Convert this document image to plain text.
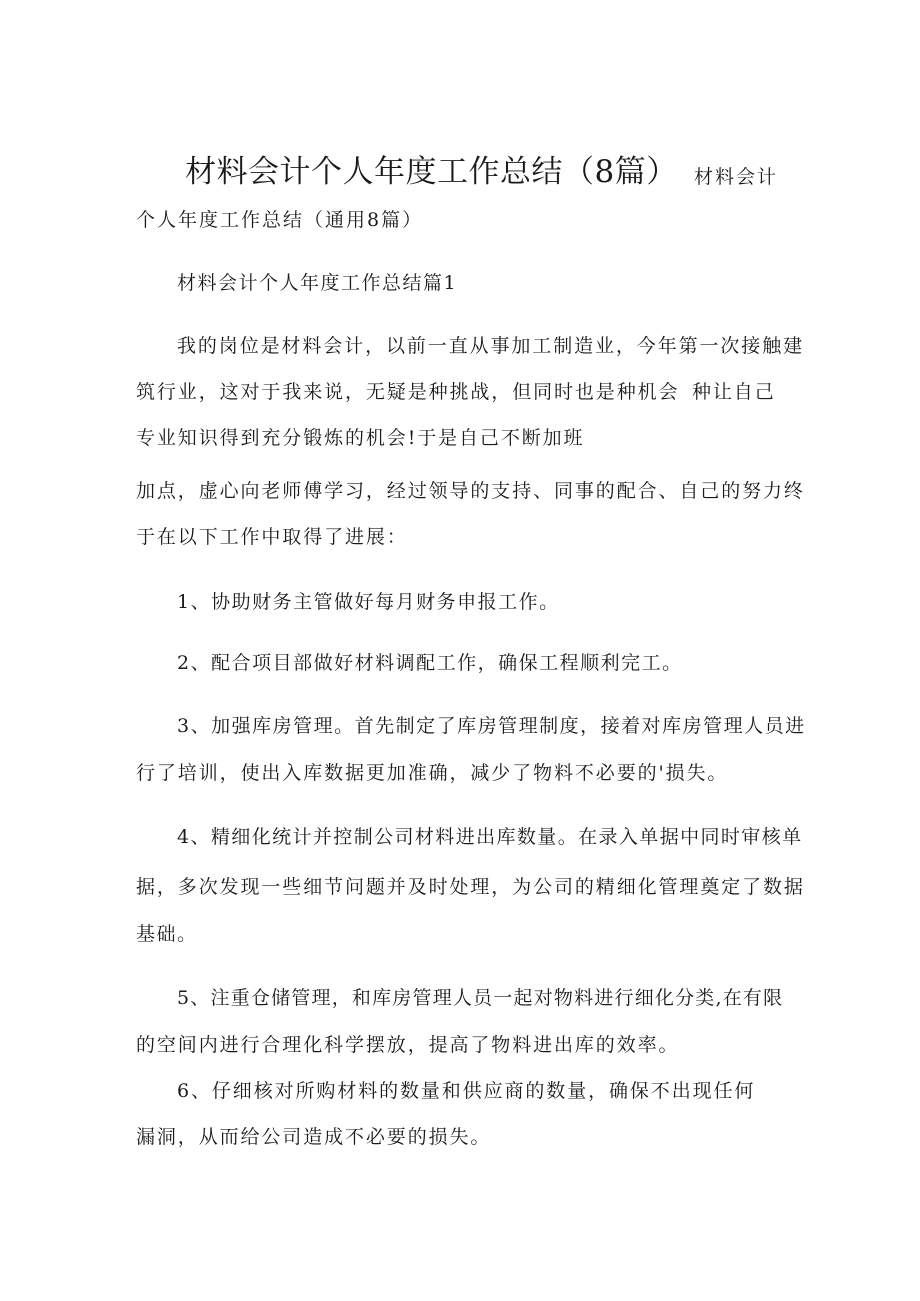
材料会计个人年度工作总结（8篇） 材料会计
个人年度工作总结（通用8篇）
材料会计个人年度工作总结篇1
我的岗位是材料会计，以前一直从事加工制造业，今年第一次接触建
筑行业，这对于我来说，无疑是种挑战，但同时也是种机会 种让自己
专业知识得到充分锻炼的机会!于是自己不断加班
加点，虚心向老师傅学习，经过领导的支持、同事的配合、自己的努力终
于在以下工作中取得了进展：
1、协助财务主管做好每月财务申报工作。
2、配合项目部做好材料调配工作，确保工程顺利完工。
3、加强库房管理。首先制定了库房管理制度，接着对库房管理人员进
行了培训，使出入库数据更加准确，减少了物料不必要的'损失。
4、精细化统计并控制公司材料进出库数量。在录入单据中同时审核单
据，多次发现一些细节问题并及时处理，为公司的精细化管理奠定了数据
基础。
5、注重仓储管理，和库房管理人员一起对物料进行细化分类,在有限
的空间内进行合理化科学摆放，提高了物料进出库的效率。
6、仔细核对所购材料的数量和供应商的数量，确保不出现任何
漏洞，从而给公司造成不必要的损失。
